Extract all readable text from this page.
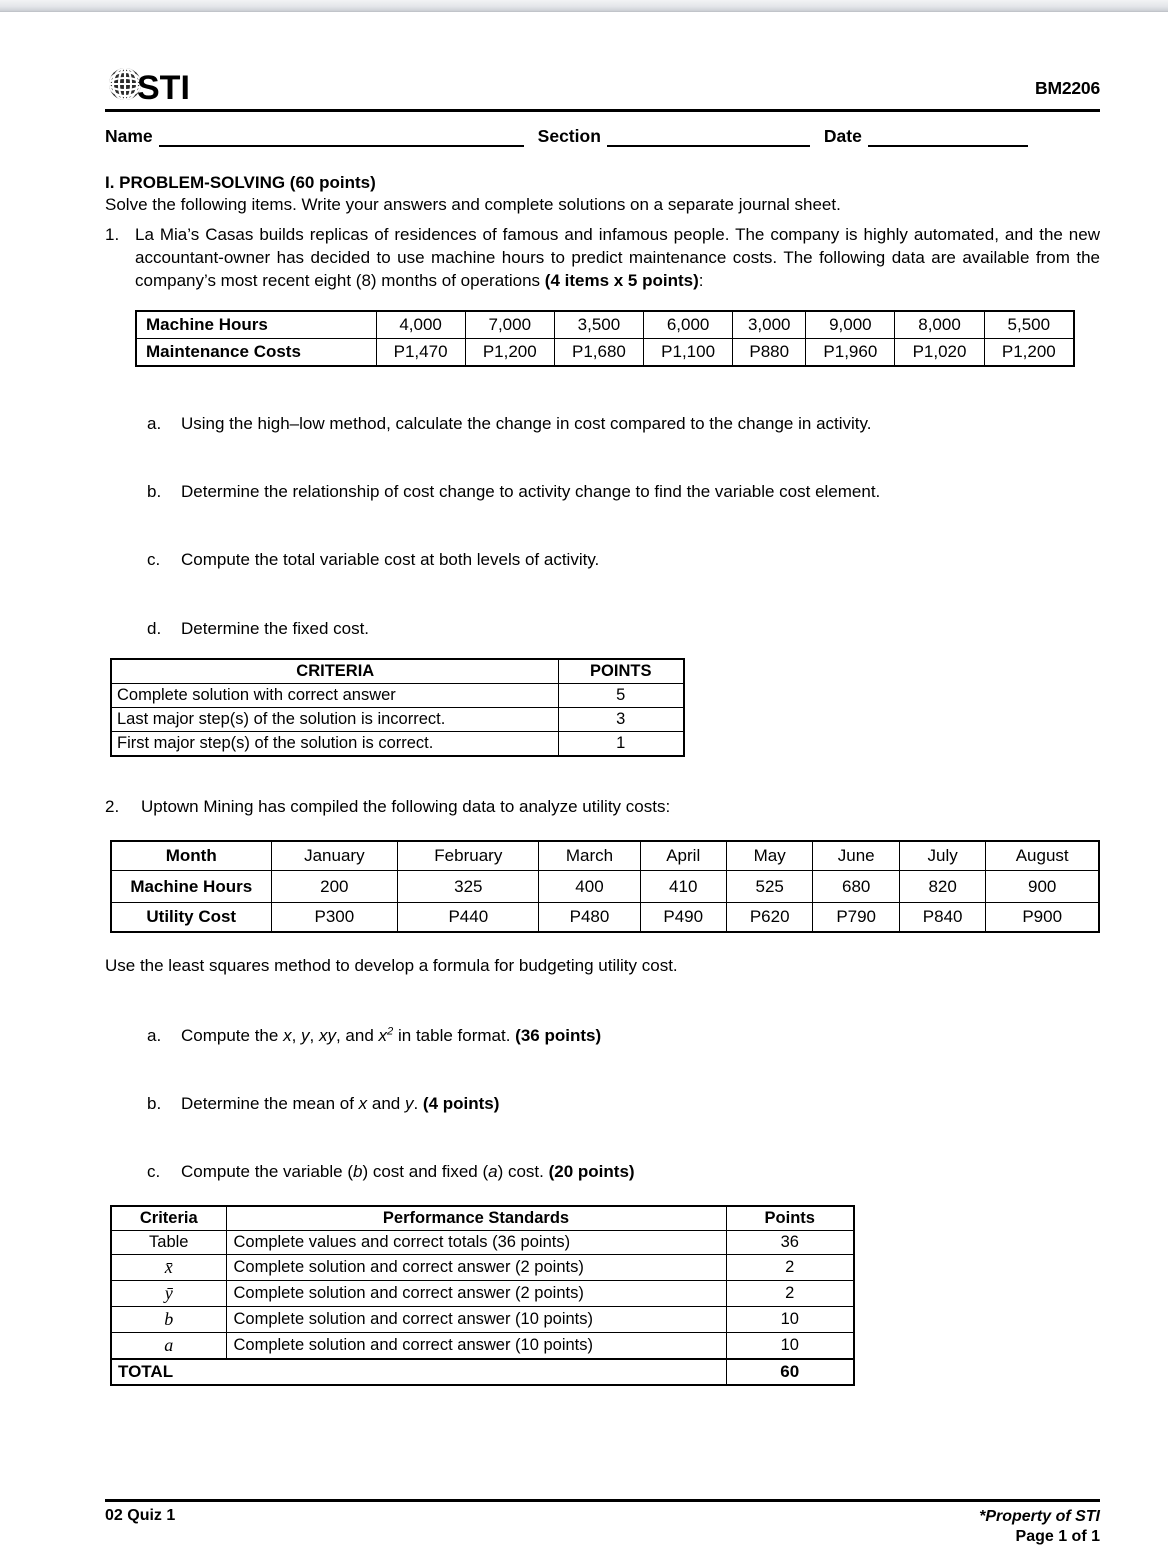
STI	BM2206
Name	Section	Date
I. PROBLEM-SOLVING (60 points)
Solve the following items. Write your answers and complete solutions on a separate journal sheet.
1. La Mia’s Casas builds replicas of residences of famous and infamous people. The company is highly automated, and the new accountant-owner has decided to use machine hours to predict maintenance costs. The following data are available from the company’s most recent eight (8) months of operations (4 items x 5 points):
Machine Hours	4,000	7,000	3,500	6,000	3,000	9,000	8,000	5,500
Maintenance Costs	P1,470	P1,200	P1,680	P1,100	P880	P1,960	P1,020	P1,200
a.	Using the high–low method, calculate the change in cost compared to the change in activity.
b.	Determine the relationship of cost change to activity change to find the variable cost element.
c.	Compute the total variable cost at both levels of activity.
d.	Determine the fixed cost.
CRITERIA	POINTS
Complete solution with correct answer	5
Last major step(s) of the solution is incorrect.	3
First major step(s) of the solution is correct.	1
2.	Uptown Mining has compiled the following data to analyze utility costs:
Month	January	February	March	April	May	June	July	August
Machine Hours	200	325	400	410	525	680	820	900
Utility Cost	P300	P440	P480	P490	P620	P790	P840	P900
Use the least squares method to develop a formula for budgeting utility cost.
a.	Compute the x, y, xy, and $x^2$ in table format. (36 points)
b.	Determine the mean of x and y. (4 points)
c.	Compute the variable (b) cost and fixed (a) cost. (20 points)
Criteria	Performance Standards	Points
Table	Complete values and correct totals (36 points)	36
x̄	Complete solution and correct answer (2 points)	2
ȳ	Complete solution and correct answer (2 points)	2
b	Complete solution and correct answer (10 points)	10
a	Complete solution and correct answer (10 points)	10
TOTAL		60
02 Quiz 1	*Property of STI
Page 1 of 1
